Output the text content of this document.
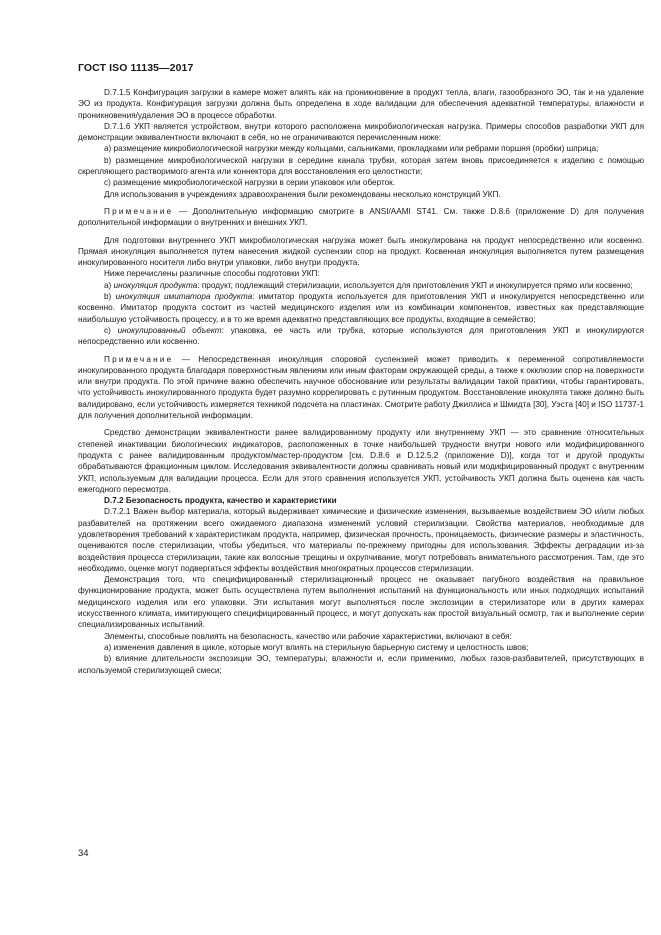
ГОСТ ISO 11135—2017

D.7.1.5 Конфигурация загрузки в камере может влиять как на проникновение в продукт тепла, влаги, газообразного ЭО, так и на удаление ЭО из продукта. Конфигурация загрузки должна быть определена в ходе валидации для обеспечения адекватной температуры, влажности и проникновения/удаления ЭО в процессе обработки.

D.7.1.6 УКП является устройством, внутри которого расположена микробиологическая нагрузка. Примеры способов разработки УКП для демонстрации эквивалентности включают в себя, но не ограничиваются перечисленным ниже:

а) размещение микробиологической нагрузки между кольцами, сальниками, прокладками или ребрами поршня (пробки) шприца;

b) размещение микробиологической нагрузки в середине канала трубки, которая затем вновь присоединяется к изделию с помощью скрепляющего растворимого агента или коннектора для восстановления его целостности;

c) размещение микробиологической нагрузки в серии упаковок или оберток.

Для использования в учреждениях здравоохранения были рекомендованы несколько конструкций УКП.

Примечание — Дополнительную информацию смотрите в ANSI/AAMI ST41. См. также D.8.6 (приложение D) для получения дополнительной информации о внутренних и внешних УКП.

Для подготовки внутреннего УКП микробиологическая нагрузка может быть инокулирована на продукт непосредственно или косвенно. Прямая инокуляция выполняется путем нанесения жидкой суспензии спор на продукт. Косвенная инокуляция выполняется путем размещения инокулированного носителя либо внутри упаковки, либо внутри продукта.

Ниже перечислены различные способы подготовки УКП:

а) инокуляция продукта: продукт, подлежащий стерилизации, используется для приготовления УКП и инокулируется прямо или косвенно;

b) инокуляция имитатора продукта: имитатор продукта используется для приготовления УКП и инокулируется непосредственно или косвенно. Имитатор продукта состоит из частей медицинского изделия или из комбинации компонентов, известных как представляющие наибольшую устойчивость процессу, и в то же время адекватно представляющих все продукты, входящие в семейство;

c) инокулированный объект: упаковка, ее часть или трубка, которые используются для приготовления УКП и инокулируются непосредственно или косвенно.

Примечание — Непосредственная инокуляция споровой суспензией может приводить к переменной сопротивляемости инокулированного продукта благодаря поверхностным явлениям или иным факторам окружающей среды, а также к окклюзии спор на поверхности или внутри продукта. По этой причине важно обеспечить научное обоснование или результаты валидации такой практики, чтобы гарантировать, что устойчивость инокулированного продукта будет разумно коррелировать с рутинным продуктом. Восстановление инокулята также должно быть валидировано, если устойчивость измеряется техникой подсчета на пластинах. Смотрите работу Джиллиса и Шмидта [30], Уэста [40] и ISO 11737-1 для получения дополнительной информации.

Средство демонстрации эквивалентности ранее валидированному продукту или внутреннему УКП — это сравнение относительных степеней инактивации биологических индикаторов, расположенных в точке наибольшей трудности внутри нового или модифицированного продукта с ранее валидированным продуктом/мастер-продуктом [см. D.8.6 и D.12.5.2 (приложение D)], когда тот и другой продукты обрабатываются фракционным циклом. Исследования эквивалентности должны сравнивать новый или модифицированный продукт с внутренним УКП, используемым для валидации процесса. Если для этого сравнения используется УКП, устойчивость УКП должна быть оценена как часть ежегодного пересмотра.

D.7.2 Безопасность продукта, качество и характеристики

D.7.2.1 Важен выбор материала, который выдерживает химические и физические изменения, вызываемые воздействием ЭО и/или любых разбавителей на протяжении всего ожидаемого диапазона изменений условий стерилизации. Свойства материалов, необходимые для удовлетворения требований к характеристикам продукта, например, физическая прочность, проницаемость, физические размеры и эластичность, оцениваются после стерилизации, чтобы убедиться, что материалы по-прежнему пригодны для использования. Эффекты деградации из-за воздействия процесса стерилизации, такие как волосные трещины и охрупчивание, могут потребовать внимательного рассмотрения. Там, где это необходимо, оценке могут подвергаться эффекты воздействия многократных процессов стерилизации.

Демонстрация того, что специфицированный стерилизационный процесс не оказывает пагубного воздействия на правильное функционирование продукта, может быть осуществлена путем выполнения испытаний на функциональность или иных подходящих испытаний медицинского изделия или его упаковки. Эти испытания могут выполняться после экспозиции в стерилизаторе или в других камерах искусственного климата, имитирующего специфицированный процесс, и могут допускать как простой визуальный осмотр, так и выполнение серии специализированных испытаний.

Элементы, способные повлиять на безопасность, качество или рабочие характеристики, включают в себя:

а) изменения давления в цикле, которые могут влиять на стерильную барьерную систему и целостность швов;

b) влияние длительности экспозиции ЭО, температуры, влажности и, если применимо, любых газов-разбавителей, присутствующих в используемой стерилизующей смеси;

34
